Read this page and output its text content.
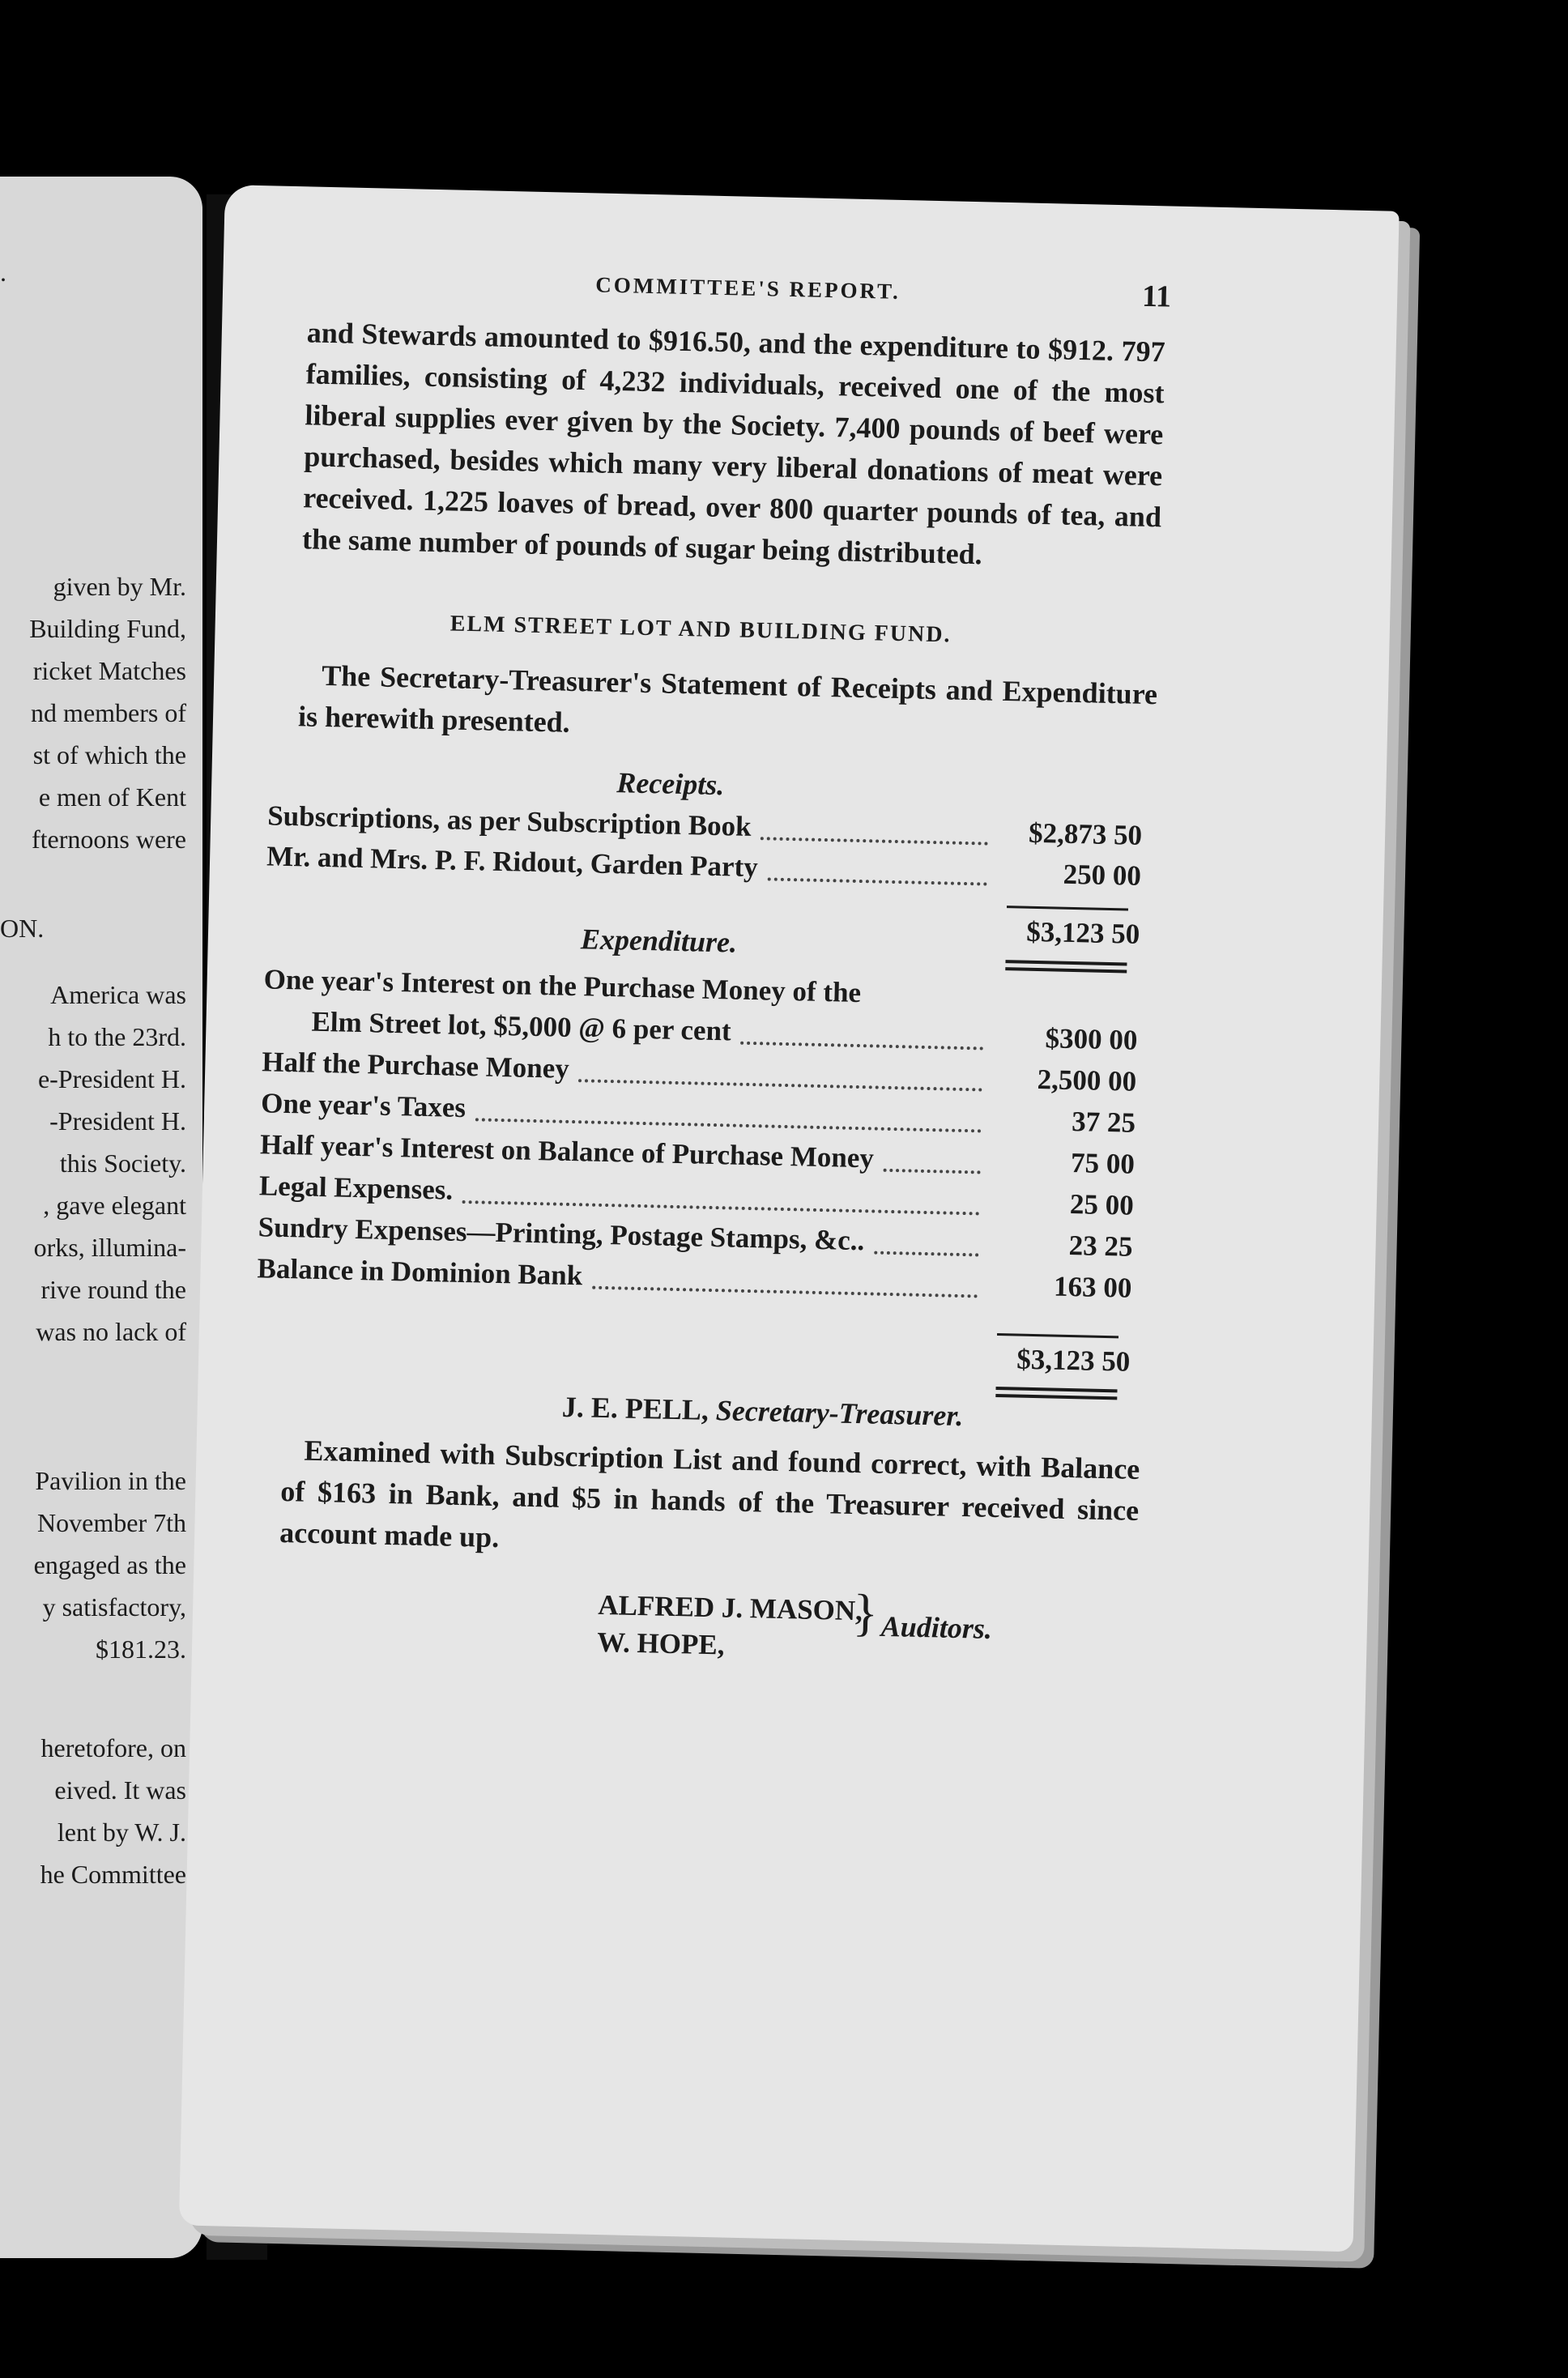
.
given by Mr.
Building Fund,
ricket Matches
nd members of
st of which the
e men of Kent
fternoons were
ON.
America was
h to the 23rd.
e-President H.
-President H.
this Society.
, gave elegant
orks, illumina-
rive round the
was no lack of
Pavilion in the
November 7th
engaged as the
y satisfactory,
$181.23.
heretofore, on
eived. It was
lent by W. J.
he Committee
COMMITTEE'S REPORT.	11
and Stewards amounted to $916.50, and the expenditure to $912. 797 families, consisting of 4,232 individuals, received one of the most liberal supplies ever given by the Society. 7,400 pounds of beef were purchased, besides which many very liberal donations of meat were received. 1,225 loaves of bread, over 800 quarter pounds of tea, and the same number of pounds of sugar being distributed.
ELM STREET LOT AND BUILDING FUND.
The Secretary-Treasurer's Statement of Receipts and Expenditure is herewith presented.
Receipts.
Subscriptions, as per Subscription Book	$2,873 50
Mr. and Mrs. P. F. Ridout, Garden Party	250 00
$3,123 50
Expenditure.
One year's Interest on the Purchase Money of the
Elm Street lot, $5,000 @ 6 per cent	$300 00
Half the Purchase Money	2,500 00
One year's Taxes	37 25
Half year's Interest on Balance of Purchase Money	75 00
Legal Expenses.	25 00
Sundry Expenses—Printing, Postage Stamps, &c..	23 25
Balance in Dominion Bank	163 00
$3,123 50
J. E. PELL, Secretary-Treasurer.
Examined with Subscription List and found correct, with Balance of $163 in Bank, and $5 in hands of the Treasurer received since account made up.
ALFRED J. MASON,
W. HOPE,
} Auditors.
